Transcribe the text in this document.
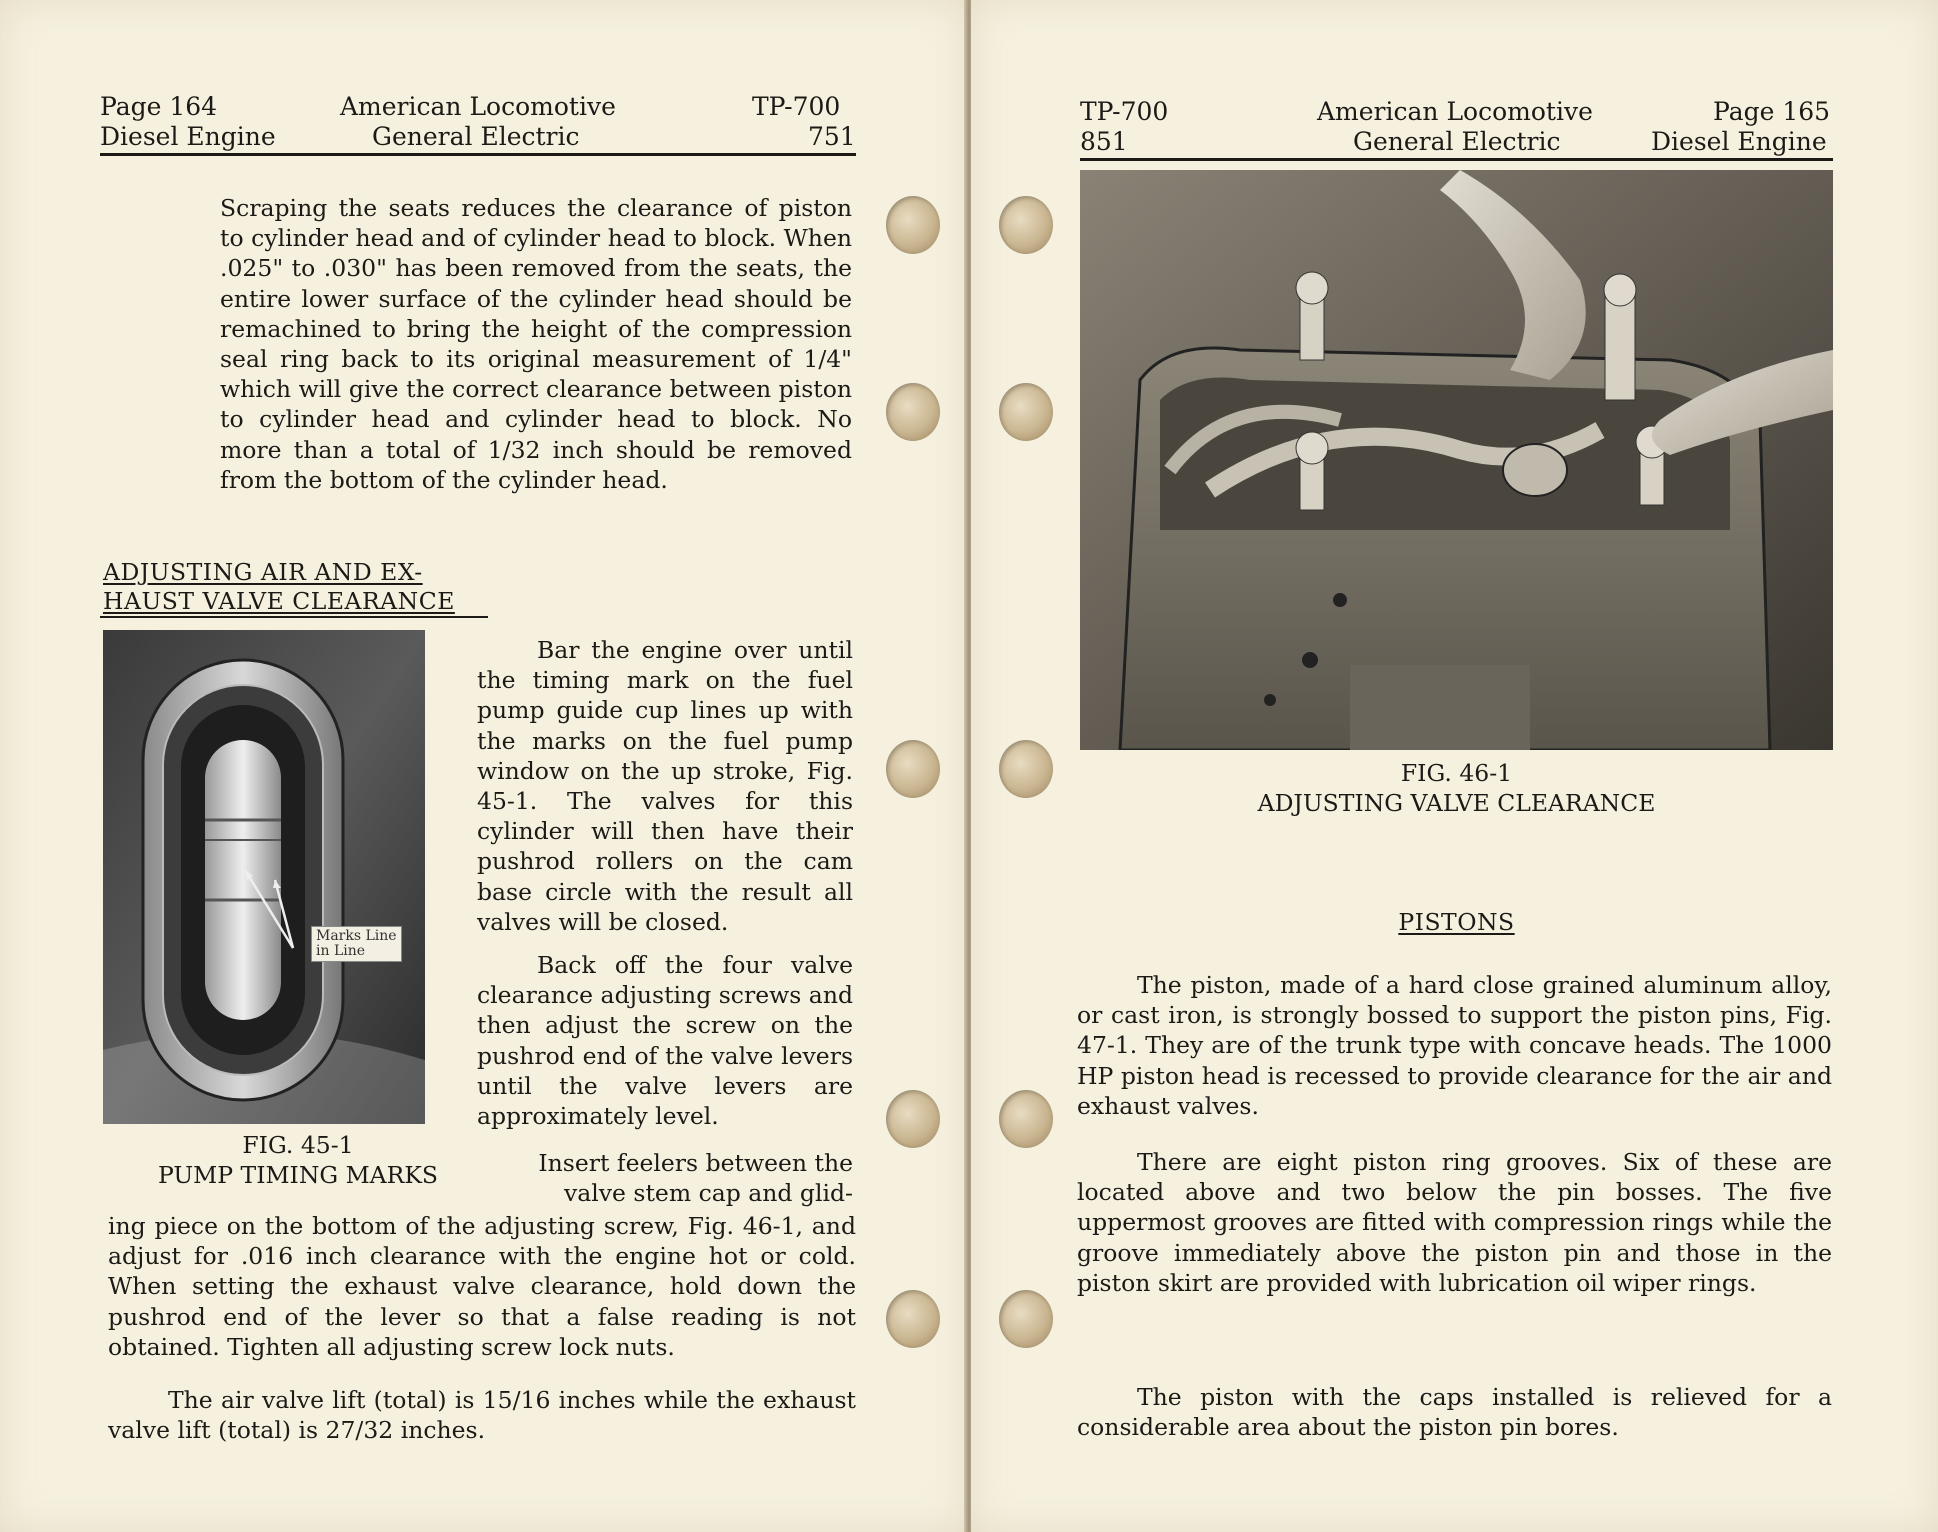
Page 164
Diesel Engine
American Locomotive
General Electric
TP-700
751

Scraping the seats reduces the clearance of piston to cylinder head and of cylinder head to block. When .025" to .030" has been removed from the seats, the entire lower surface of the cylinder head should be remachined to bring the height of the compression seal ring back to its original measurement of 1/4" which will give the correct clearance between piston to cylinder head and cylinder head to block. No more than a total of 1/32 inch should be removed from the bottom of the cylinder head.

ADJUSTING AIR AND EX-
HAUST VALVE CLEARANCE
Marks Line
in Line
FIG. 45-1
PUMP TIMING MARKS

Bar the engine over until the timing mark on the fuel pump guide cup lines up with the marks on the fuel pump window on the up stroke, Fig. 45-1. The valves for this cylinder will then have their pushrod rollers on the cam base circle with the result all valves will be closed.

Back off the four valve clearance adjusting screws and then adjust the screw on the pushrod end of the valve levers until the valve levers are approximately level.

Insert feelers between the valve stem cap and glid-

ing piece on the bottom of the adjusting screw, Fig. 46-1, and adjust for .016 inch clearance with the engine hot or cold. When setting the exhaust valve clearance, hold down the pushrod end of the lever so that a false reading is not obtained. Tighten all adjusting screw lock nuts.

The air valve lift (total) is 15/16 inches while the exhaust valve lift (total) is 27/32 inches.

TP-700
851
American Locomotive
General Electric
Page 165
Diesel Engine
FIG. 46-1
ADJUSTING VALVE CLEARANCE
PISTONS

The piston, made of a hard close grained aluminum alloy, or cast iron, is strongly bossed to support the piston pins, Fig. 47-1. They are of the trunk type with concave heads. The 1000 HP piston head is recessed to provide clearance for the air and exhaust valves.

There are eight piston ring grooves. Six of these are located above and two below the pin bosses. The five uppermost grooves are fitted with compression rings while the groove immediately above the piston pin and those in the piston skirt are provided with lubrication oil wiper rings.

The piston with the caps installed is relieved for a considerable area about the piston pin bores.
